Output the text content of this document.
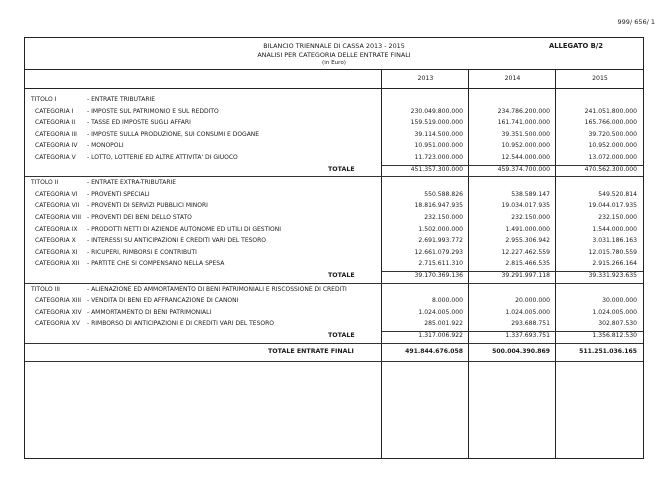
999/ 656/ 1
BILANCIO TRIENNALE DI CASSA 2013 - 2015
ANALISI PER CATEGORIA DELLE ENTRATE FINALI
(in Euro)
ALLEGATO B/2
2013	2014	2015
TITOLO I	- ENTRATE TRIBUTARIE
CATEGORIA I - IMPOSTE SUL PATRIMONIO E SUL REDDITO	230.049.800.000	234.786.200.000	241.051.800.000
CATEGORIA II - TASSE ED IMPOSTE SUGLI AFFARI	159.519.000.000	161.741.000.000	165.766.000.000
CATEGORIA III - IMPOSTE SULLA PRODUZIONE, SUI CONSUMI E DOGANE	39.114.500.000	39.351.500.000	39.720.500.000
CATEGORIA IV - MONOPOLI	10.951.000.000	10.952.000.000	10.952.000.000
CATEGORIA V - LOTTO, LOTTERIE ED ALTRE ATTIVITA' DI GIUOCO	11.723.000.000	12.544.000.000	13.072.000.000
TOTALE	451.357.300.000	459.374.700.000	470.562.300.000
TITOLO II	- ENTRATE EXTRA-TRIBUTARIE
CATEGORIA VI - PROVENTI SPECIALI	550.588.826	538.589.147	549.520.814
CATEGORIA VII - PROVENTI DI SERVIZI PUBBLICI MINORI	18.816.947.935	19.034.017.935	19.044.017.935
CATEGORIA VIII - PROVENTI DEI BENI DELLO STATO	232.150.000	232.150.000	232.150.000
CATEGORIA IX - PRODOTTI NETTI DI AZIENDE AUTONOME ED UTILI DI GESTIONI	1.502.000.000	1.491.000.000	1.544.000.000
CATEGORIA X - INTERESSI SU ANTICIPAZIONI E CREDITI VARI DEL TESORO	2.691.993.772	2.955.306.942	3.031.186.163
CATEGORIA XI - RICUPERI, RIMBORSI E CONTRIBUTI	12.661.079.293	12.227.462.559	12.015.780.559
CATEGORIA XII - PARTITE CHE SI COMPENSANO NELLA SPESA	2.715.611.310	2.815.466.535	2.915.266.164
TOTALE	39.170.369.136	39.291.997.118	39.331.923.635
TITOLO III	- ALIENAZIONE ED AMMORTAMENTO DI BENI PATRIMONIALI E RISCOSSIONE DI CREDITI
CATEGORIA XIII - VENDITA DI BENI ED AFFRANCAZIONE DI CANONI	8.000.000	20.000.000	30.000.000
CATEGORIA XIV - AMMORTAMENTO DI BENI PATRIMONIALI	1.024.005.000	1.024.005.000	1.024.005.000
CATEGORIA XV - RIMBORSO DI ANTICIPAZIONI E DI CREDITI VARI DEL TESORO	285.001.922	293.688.751	302.807.530
TOTALE	1.317.006.922	1.337.693.751	1.356.812.530
TOTALE ENTRATE FINALI	491.844.676.058	500.004.390.869	511.251.036.165
